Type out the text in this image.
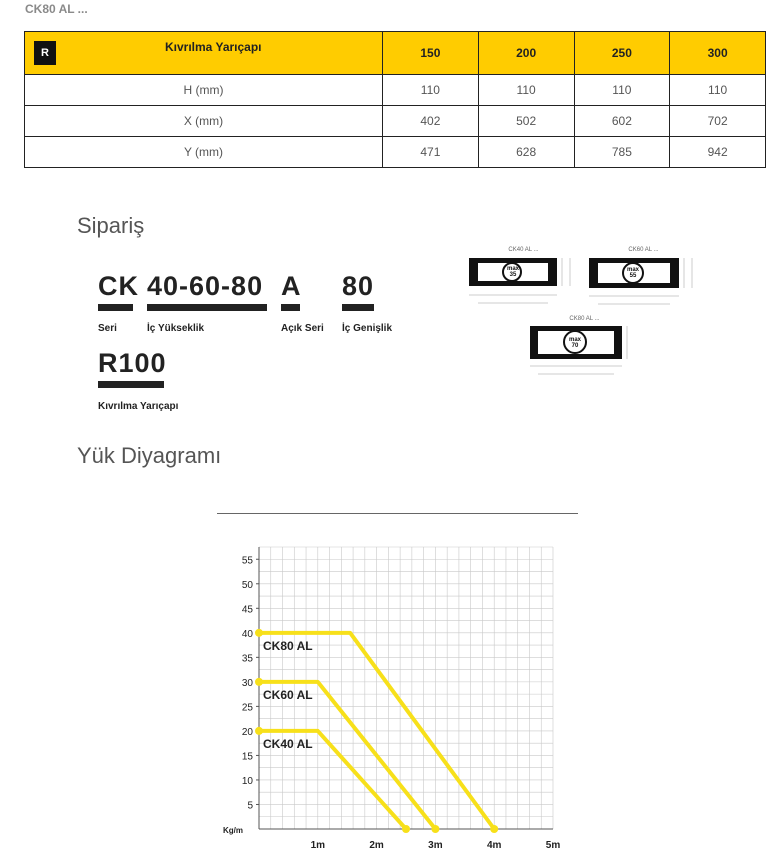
CK80 AL ...
R Kıvrılma Yarıçapı	150	200	250	300
H (mm)	110	110	110	110
X (mm)	402	502	602	702
Y (mm)	471	628	785	942
Sipariş
CK
Seri
40-60-80
İç Yükseklik
A
Açık Seri
80
İç Genişlik
R100
Kıvrılma Yarıçapı
CK40 AL ...
max
35
CK60 AL ...
max
55
CK80 AL ...
max
70
Yük Diyagramı
5
10
15
20
25
30
35
40
45
50
55
1m	2m	3m	4m	5m
Kg/m
CK80 AL
CK60 AL
CK40 AL
